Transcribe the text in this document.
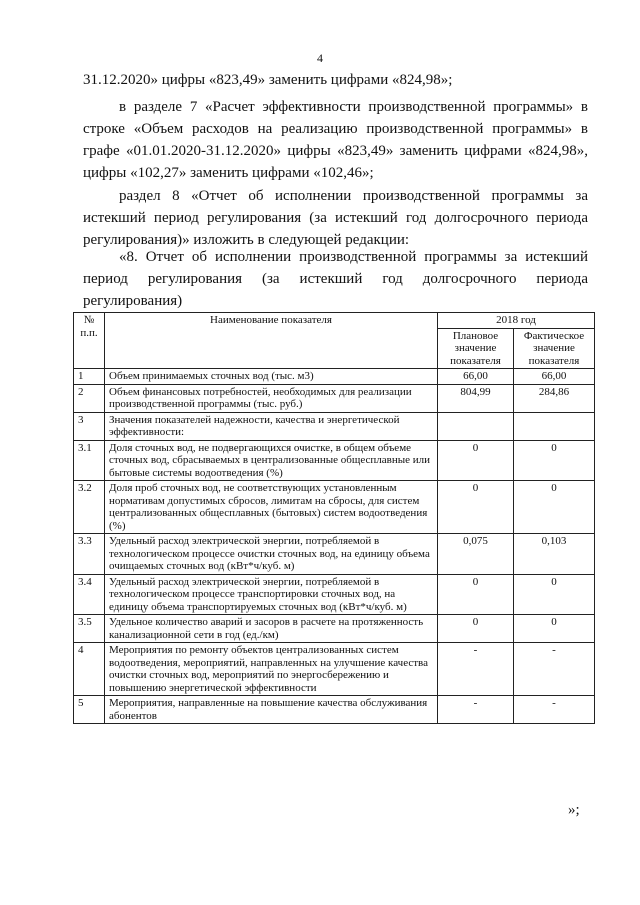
4

31.12.2020» цифры «823,49» заменить цифрами «824,98»;

в разделе 7 «Расчет эффективности производственной программы» в строке «Объем расходов на реализацию производственной программы» в графе «01.01.2020-31.12.2020» цифры «823,49» заменить цифрами «824,98», цифры «102,27» заменить цифрами «102,46»;

раздел 8 «Отчет об исполнении производственной программы за истекший период регулирования (за истекший год долгосрочного периода регулирования)» изложить в следующей редакции:

«8. Отчет об исполнении производственной программы за истекший период регулирования (за истекший год долгосрочного периода регулирования)

№ п.п.	Наименование показателя	2018 год	
		Плановое значение показателя	Фактическое значение показателя
1	Объем принимаемых сточных вод (тыс. м3)	66,00	66,00
2	Объем финансовых потребностей, необходимых для реализации производственной программы (тыс. руб.)	804,99	284,86
3	Значения показателей надежности, качества и энергетической эффективности:		
3.1	Доля сточных вод, не подвергающихся очистке, в общем объеме сточных вод, сбрасываемых в централизованные общесплавные или бытовые системы водоотведения (%)	0	0
3.2	Доля проб сточных вод, не соответствующих установленным нормативам допустимых сбросов, лимитам на сбросы, для систем централизованных общесплавных (бытовых) систем водоотведения (%)	0	0
3.3	Удельный расход электрической энергии, потребляемой в технологическом процессе очистки сточных вод, на единицу объема очищаемых сточных вод (кВт*ч/куб. м)	0,075	0,103
3.4	Удельный расход электрической энергии, потребляемой в технологическом процессе транспортировки сточных вод, на единицу объема транспортируемых сточных вод (кВт*ч/куб. м)	0	0
3.5	Удельное количество аварий и засоров в расчете на протяженность канализационной сети в год (ед./км)	0	0
4	Мероприятия по ремонту объектов централизованных систем водоотведения, мероприятий, направленных на улучшение качества очистки сточных вод, мероприятий по энергосбережению и повышению энергетической эффективности	-	-
5	Мероприятия, направленные на повышение качества обслуживания абонентов	-	-
»;
